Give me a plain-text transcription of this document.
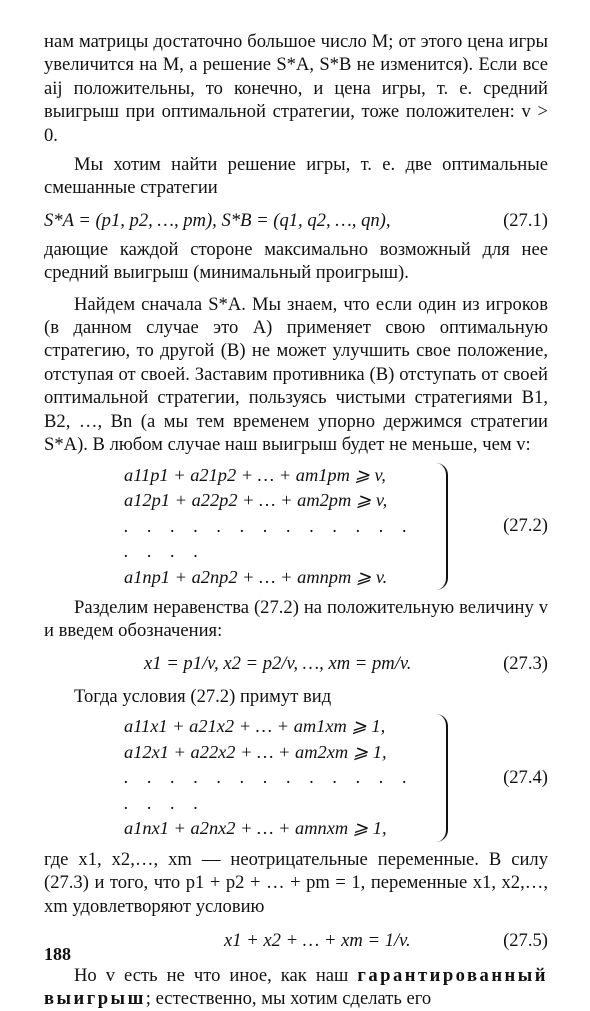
нам матрицы достаточно большое число M; от этого цена игры увеличится на M, а решение S*A, S*B не изменится). Если все aij положительны, то конечно, и цена игры, т. е. средний выигрыш при оптимальной стратегии, тоже положителен: v > 0.

Мы хотим найти решение игры, т. е. две оптимальные смешанные стратегии

S*A = (p1, p2, …, pm), S*B = (q1, q2, …, qn),	(27.1)

дающие каждой стороне максимально возможный для нее средний выигрыш (минимальный проигрыш).

Найдем сначала S*A. Мы знаем, что если один из игроков (в данном случае это A) применяет свою оптимальную стратегию, то другой (B) не может улучшить свое положение, отступая от своей. Заставим противника (B) отступать от своей оптимальной стратегии, пользуясь чистыми стратегиями B1, B2, …, Bn (а мы тем временем упорно держимся стратегии S*A). В любом случае наш выигрыш будет не меньше, чем v:

a11p1 + a21p2 + … + am1pm ⩾ v,
a12p1 + a22p2 + … + am2pm ⩾ v,
. . . . . . . . . . . . . . . . .
a1np1 + a2np2 + … + amnpm ⩾ v.
(27.2)

Разделим неравенства (27.2) на положительную величину v и введем обозначения:

x1 = p1/v, x2 = p2/v, …, xm = pm/v.	(27.3)

Тогда условия (27.2) примут вид

a11x1 + a21x2 + … + am1xm ⩾ 1,
a12x1 + a22x2 + … + am2xm ⩾ 1,
. . . . . . . . . . . . . . . . .
a1nx1 + a2nx2 + … + amnxm ⩾ 1,
(27.4)

где x1, x2,…, xm — неотрицательные переменные. В силу (27.3) и того, что p1 + p2 + … + pm = 1, переменные x1, x2,…, xm удовлетворяют условию

x1 + x2 + … + xm = 1/v.	(27.5)

Но v есть не что иное, как наш гарантированный выигрыш; естественно, мы хотим сделать его

188
